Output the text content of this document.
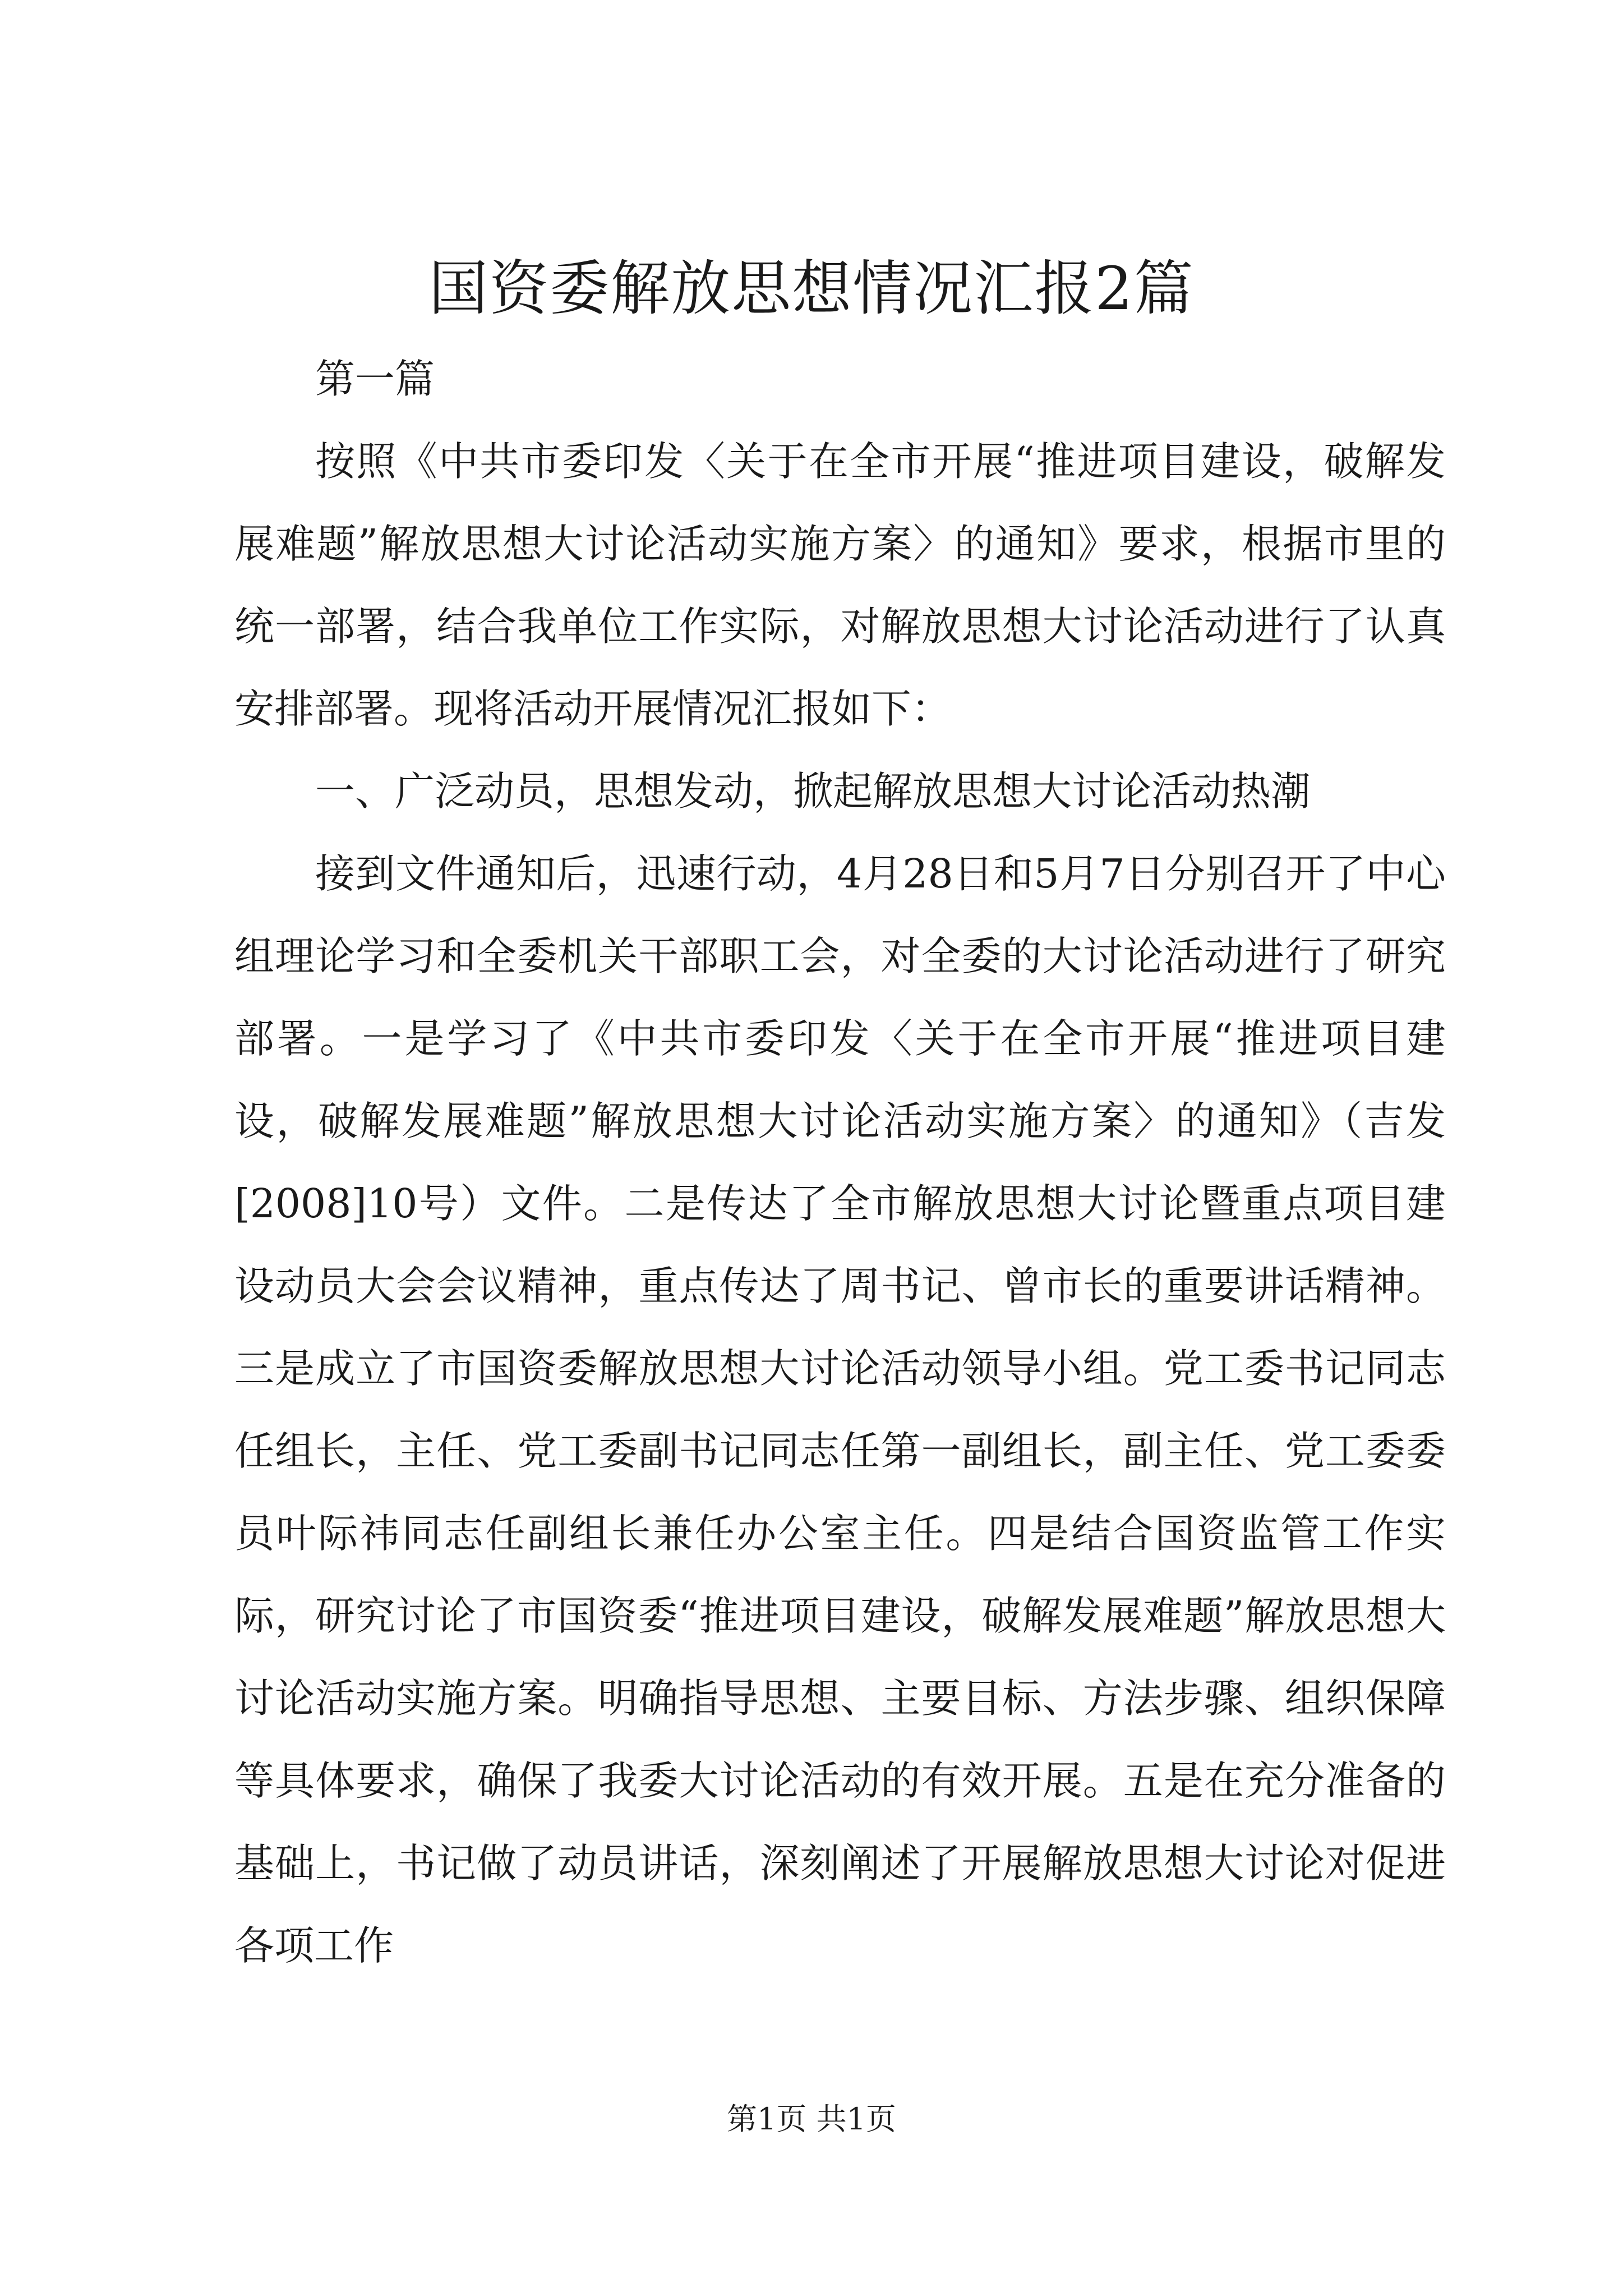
国资委解放思想情况汇报2篇

第一篇

按照《中共市委印发〈关于在全市开展“推进项目建设，破解发展难题”解放思想大讨论活动实施方案〉的通知》要求，根据市里的统一部署，结合我单位工作实际，对解放思想大讨论活动进行了认真安排部署。现将活动开展情况汇报如下：

一、广泛动员，思想发动，掀起解放思想大讨论活动热潮

接到文件通知后，迅速行动，4月28日和5月7日分别召开了中心组理论学习和全委机关干部职工会，对全委的大讨论活动进行了研究部署。一是学习了《中共市委印发〈关于在全市开展“推进项目建设，破解发展难题”解放思想大讨论活动实施方案〉的通知》（吉发[2008]10号）文件。二是传达了全市解放思想大讨论暨重点项目建设动员大会会议精神，重点传达了周书记、曾市长的重要讲话精神。三是成立了市国资委解放思想大讨论活动领导小组。党工委书记同志任组长，主任、党工委副书记同志任第一副组长，副主任、党工委委员叶际祎同志任副组长兼任办公室主任。四是结合国资监管工作实际，研究讨论了市国资委“推进项目建设，破解发展难题”解放思想大讨论活动实施方案。明确指导思想、主要目标、方法步骤、组织保障等具体要求，确保了我委大讨论活动的有效开展。五是在充分准备的基础上，书记做了动员讲话，深刻阐述了开展解放思想大讨论对促进各项工作

第1页 共1页
